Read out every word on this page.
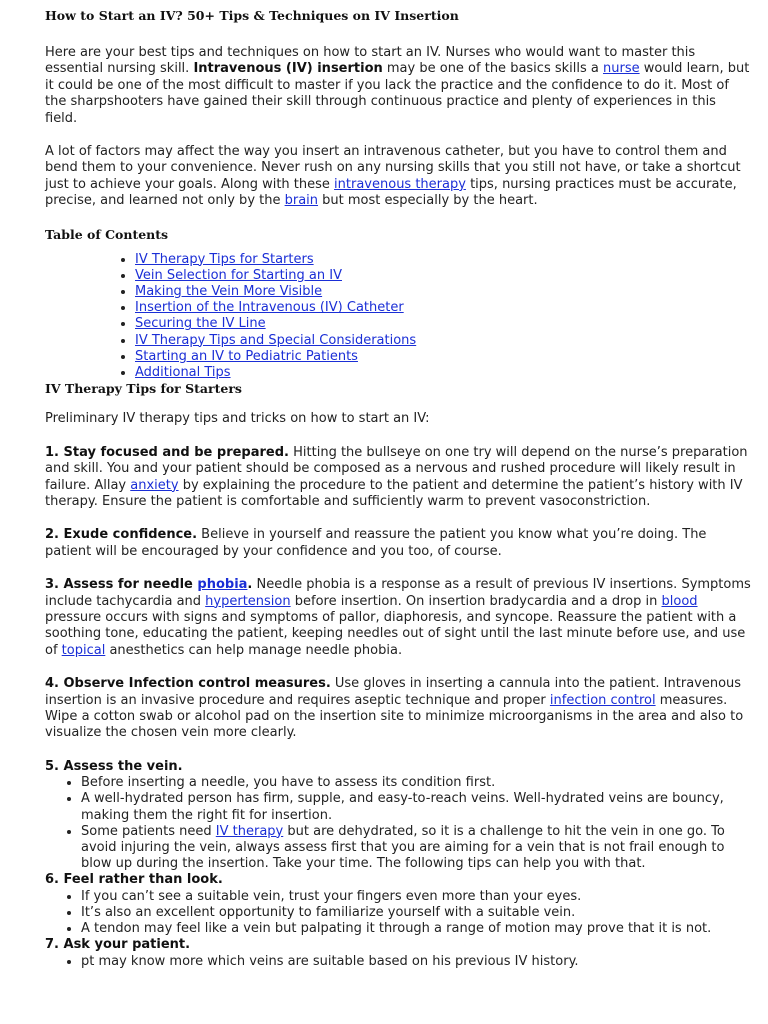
How to Start an IV? 50+ Tips & Techniques on IV Insertion

Here are your best tips and techniques on how to start an IV. Nurses who would want to master this essential nursing skill. Intravenous (IV) insertion may be one of the basics skills a nurse would learn, but it could be one of the most difficult to master if you lack the practice and the confidence to do it. Most of the sharpshooters have gained their skill through continuous practice and plenty of experiences in this field.

A lot of factors may affect the way you insert an intravenous catheter, but you have to control them and bend them to your convenience. Never rush on any nursing skills that you still not have, or take a shortcut just to achieve your goals. Along with these intravenous therapy tips, nursing practices must be accurate, precise, and learned not only by the brain but most especially by the heart.

Table of Contents
• IV Therapy Tips for Starters
• Vein Selection for Starting an IV
• Making the Vein More Visible
• Insertion of the Intravenous (IV) Catheter
• Securing the IV Line
• IV Therapy Tips and Special Considerations
• Starting an IV to Pediatric Patients
• Additional Tips
IV Therapy Tips for Starters

Preliminary IV therapy tips and tricks on how to start an IV:

1. Stay focused and be prepared. Hitting the bullseye on one try will depend on the nurse’s preparation and skill. You and your patient should be composed as a nervous and rushed procedure will likely result in failure. Allay anxiety by explaining the procedure to the patient and determine the patient’s history with IV therapy. Ensure the patient is comfortable and sufficiently warm to prevent vasoconstriction.

2. Exude confidence. Believe in yourself and reassure the patient you know what you’re doing. The patient will be encouraged by your confidence and you too, of course.

3. Assess for needle phobia. Needle phobia is a response as a result of previous IV insertions. Symptoms include tachycardia and hypertension before insertion. On insertion bradycardia and a drop in blood pressure occurs with signs and symptoms of pallor, diaphoresis, and syncope. Reassure the patient with a soothing tone, educating the patient, keeping needles out of sight until the last minute before use, and use of topical anesthetics can help manage needle phobia.

4. Observe Infection control measures. Use gloves in inserting a cannula into the patient. Intravenous insertion is an invasive procedure and requires aseptic technique and proper infection control measures. Wipe a cotton swab or alcohol pad on the insertion site to minimize microorganisms in the area and also to visualize the chosen vein more clearly.

5. Assess the vein.

• Before inserting a needle, you have to assess its condition first.
• A well-hydrated person has firm, supple, and easy-to-reach veins. Well-hydrated veins are bouncy, making them the right fit for insertion.
• Some patients need IV therapy but are dehydrated, so it is a challenge to hit the vein in one go. To avoid injuring the vein, always assess first that you are aiming for a vein that is not frail enough to blow up during the insertion. Take your time. The following tips can help you with that.

6. Feel rather than look.

• If you can’t see a suitable vein, trust your fingers even more than your eyes.
• It’s also an excellent opportunity to familiarize yourself with a suitable vein.
• A tendon may feel like a vein but palpating it through a range of motion may prove that it is not.

7. Ask your patient.

• pt may know more which veins are suitable based on his previous IV history.
